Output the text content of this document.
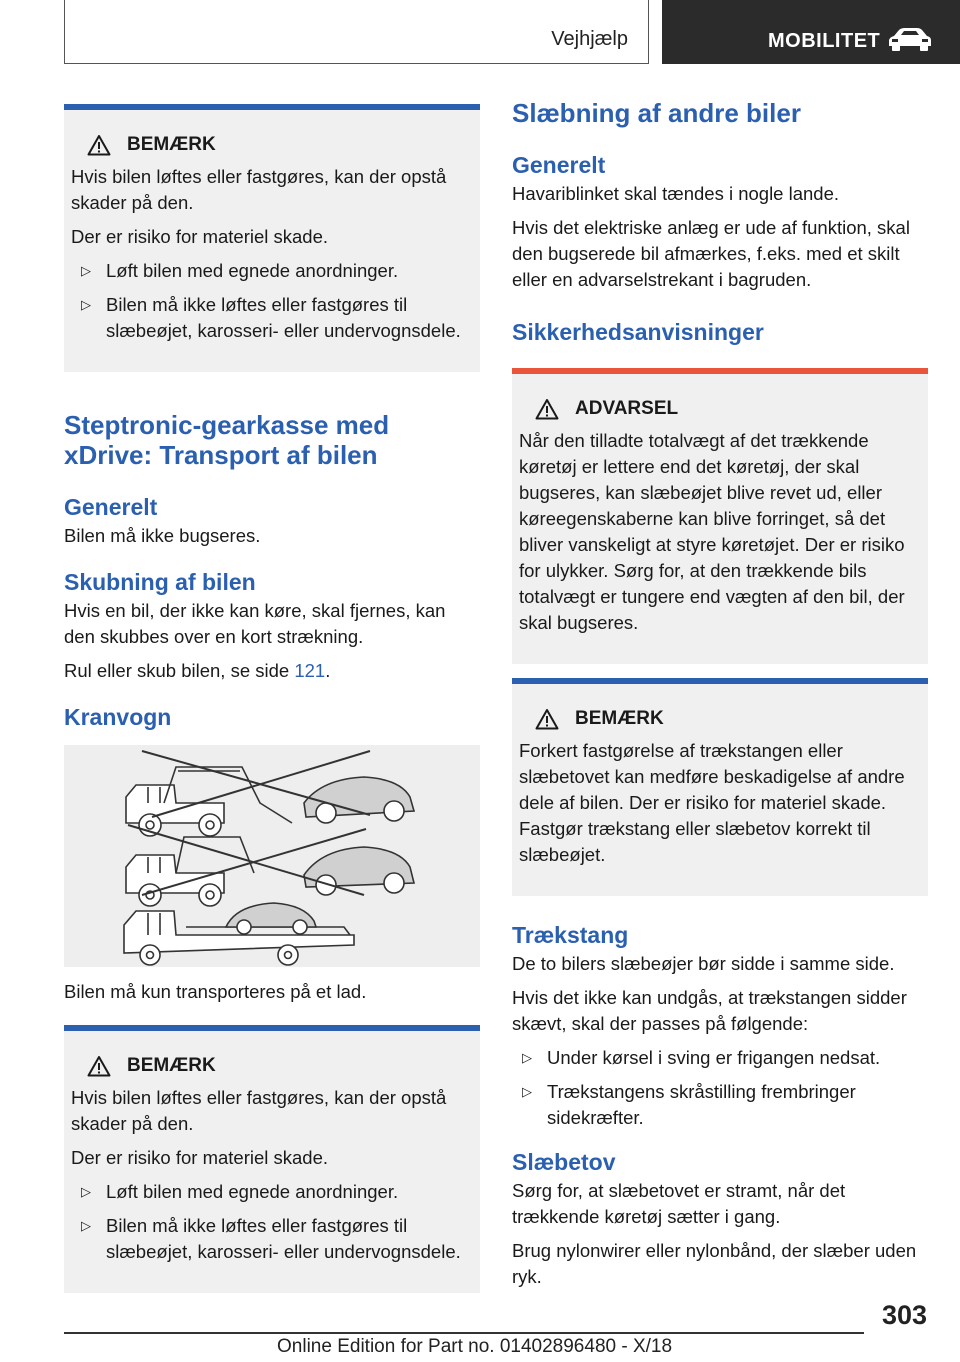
Vejhjælp	MOBILITET
BEMÆRK

Hvis bilen løftes eller fastgøres, kan der opstå skader på den.

Der er risiko for materiel skade.

▷ Løft bilen med egnede anordninger.
▷ Bilen må ikke løftes eller fastgøres til slæbeøjet, karosseri- eller undervognsdele.
Steptronic-gearkasse med xDrive: Transport af bilen
Generelt

Bilen må ikke bugseres.

Skubning af bilen

Hvis en bil, der ikke kan køre, skal fjernes, kan den skubbes over en kort strækning.

Rul eller skub bilen, se side 121.

Kranvogn

Bilen må kun transporteres på et lad.

BEMÆRK

Hvis bilen løftes eller fastgøres, kan der opstå skader på den.

Der er risiko for materiel skade.

▷ Løft bilen med egnede anordninger.
▷ Bilen må ikke løftes eller fastgøres til slæbeøjet, karosseri- eller undervognsdele.
Slæbning af andre biler
Generelt

Havariblinket skal tændes i nogle lande.

Hvis det elektriske anlæg er ude af funktion, skal den bugserede bil afmærkes, f.eks. med et skilt eller en advarselstrekant i bagruden.

Sikkerhedsanvisninger
ADVARSEL

Når den tilladte totalvægt af det trækkende køretøj er lettere end det køretøj, der skal bugseres, kan slæbeøjet blive revet ud, eller køreegenskaberne kan blive forringet, så det bliver vanskeligt at styre køretøjet. Der er risiko for ulykker. Sørg for, at den trækkende bils totalvægt er tungere end vægten af den bil, der skal bugseres.

BEMÆRK

Forkert fastgørelse af trækstangen eller slæbetovet kan medføre beskadigelse af andre dele af bilen. Der er risiko for materiel skade. Fastgør trækstang eller slæbetov korrekt til slæbeøjet.

Trækstang

De to bilers slæbeøjer bør sidde i samme side.

Hvis det ikke kan undgås, at trækstangen sidder skævt, skal der passes på følgende:

▷ Under kørsel i sving er frigangen nedsat.
▷ Trækstangens skråstilling frembringer sidekræfter.
Slæbetov

Sørg for, at slæbetovet er stramt, når det trækkende køretøj sætter i gang.

Brug nylonwirer eller nylonbånd, der slæber uden ryk.

303
Online Edition for Part no. 01402896480 - X/18
